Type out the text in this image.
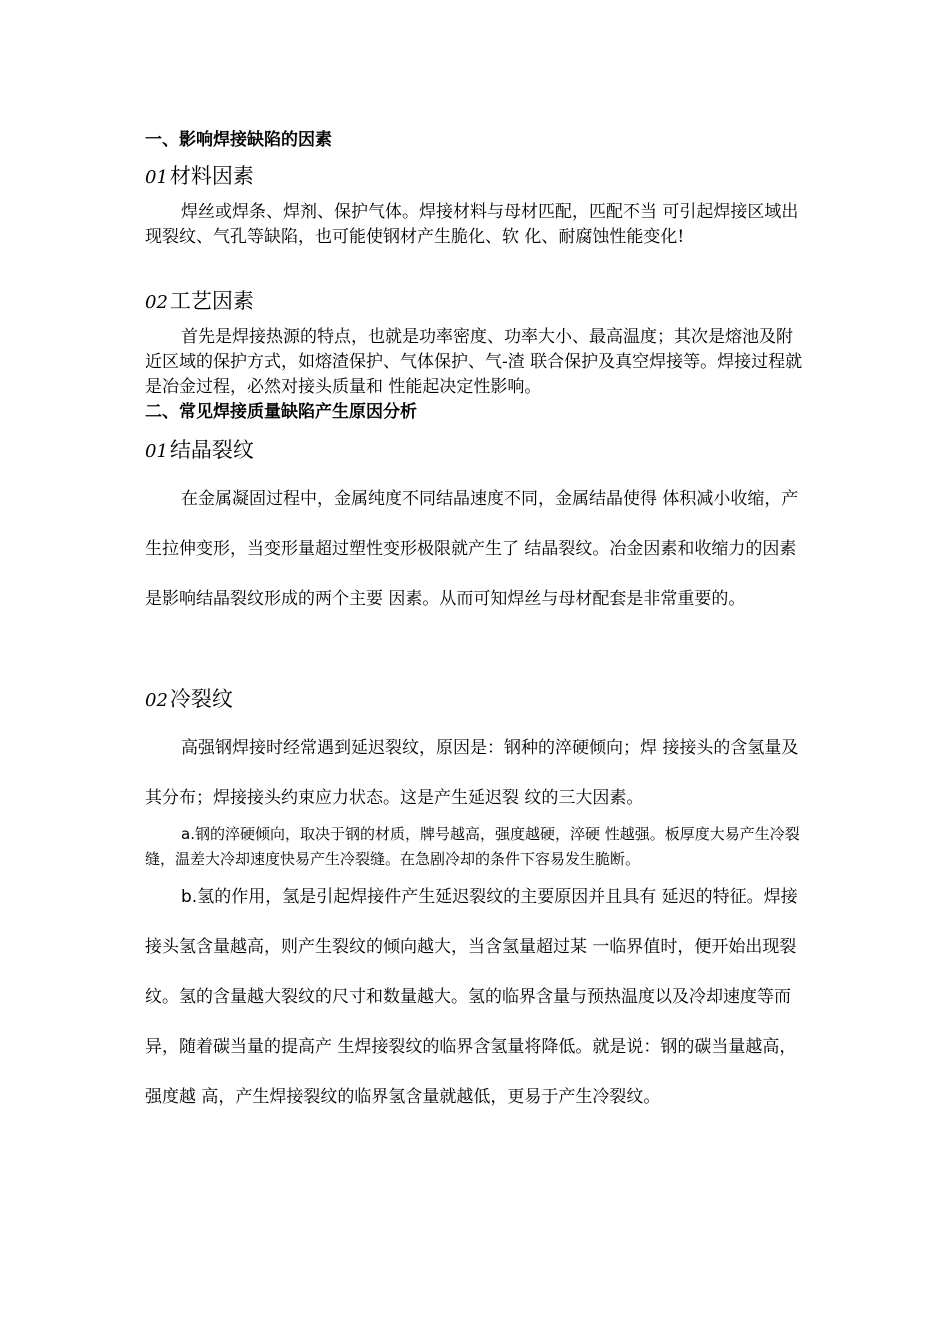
一、影响焊接缺陷的因素
01材料因素

焊丝或焊条、焊剂、保护气体。焊接材料与母材匹配，匹配不当 可引起焊接区域出现裂纹、气孔等缺陷，也可能使钢材产生脆化、软 化、耐腐蚀性能变化!

02工艺因素

首先是焊接热源的特点，也就是功率密度、功率大小、最高温度；其次是熔池及附近区域的保护方式，如熔渣保护、气体保护、气-渣 联合保护及真空焊接等。焊接过程就是冶金过程，必然对接头质量和 性能起决定性影响。

二、常见焊接质量缺陷产生原因分析
01结晶裂纹

在金属凝固过程中，金属纯度不同结晶速度不同，金属结晶使得 体积减小收缩，产生拉伸变形，当变形量超过塑性变形极限就产生了 结晶裂纹。冶金因素和收缩力的因素是影响结晶裂纹形成的两个主要 因素。从而可知焊丝与母材配套是非常重要的。

02冷裂纹

高强钢焊接时经常遇到延迟裂纹，原因是：钢种的淬硬倾向；焊 接接头的含氢量及其分布；焊接接头约束应力状态。这是产生延迟裂 纹的三大因素。

a.钢的淬硬倾向，取决于钢的材质，牌号越高，强度越硬，淬硬 性越强。板厚度大易产生冷裂缝，温差大冷却速度快易产生冷裂缝。在急剧冷却的条件下容易发生脆断。

b.氢的作用，氢是引起焊接件产生延迟裂纹的主要原因并且具有 延迟的特征。焊接接头氢含量越高，则产生裂纹的倾向越大，当含氢量超过某 一临界值时，便开始出现裂纹。氢的含量越大裂纹的尺寸和数量越大。氢的临界含量与预热温度以及冷却速度等而异，随着碳当量的提高产 生焊接裂纹的临界含氢量将降低。就是说：钢的碳当量越高，强度越 高，产生焊接裂纹的临界氢含量就越低，更易于产生冷裂纹。
